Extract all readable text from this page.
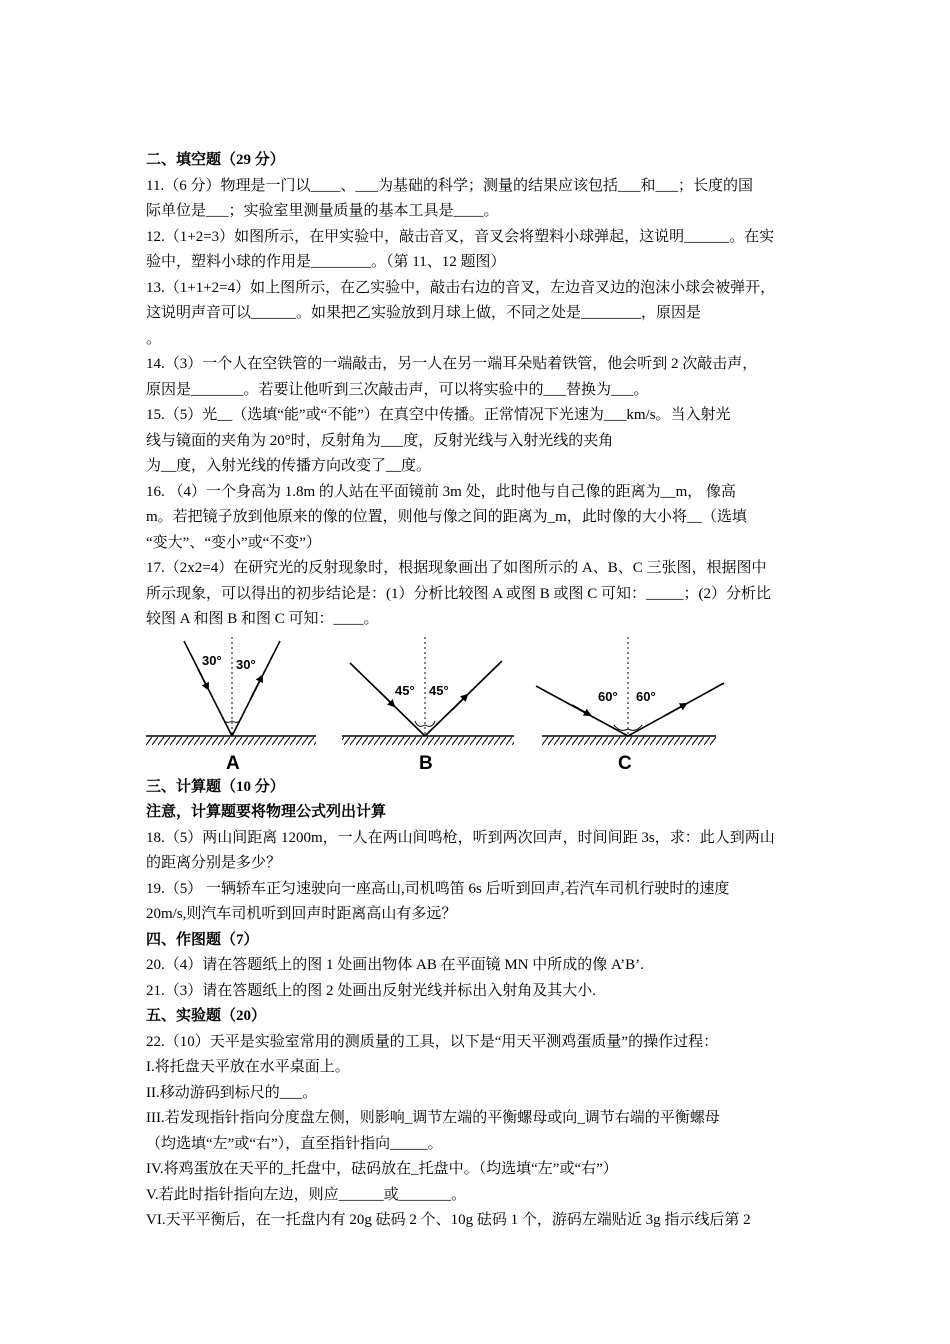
二、填空题（29 分）
11.（6 分）物理是一门以____、___为基础的科学；测量的结果应该包括___和___；长度的国
际单位是___；实验室里测量质量的基本工具是____。
12.（1+2=3）如图所示，在甲实验中，敲击音叉，音叉会将塑料小球弹起，这说明______。在实
验中，塑料小球的作用是________。（第 11、12 题图）
13.（1+1+2=4）如上图所示，在乙实验中，敲击右边的音叉，左边音叉边的泡沫小球会被弹开，
这说明声音可以______。如果把乙实验放到月球上做，不同之处是________，原因是
。
14.（3）一个人在空铁管的一端敲击，另一人在另一端耳朵贴着铁管，他会听到 2 次敲击声，
原因是_______。若要让他听到三次敲击声，可以将实验中的___替换为___。
15.（5）光__（选填“能”或“不能”）在真空中传播。正常情况下光速为___km/s。当入射光
线与镜面的夹角为 20°时，反射角为___度，反射光线与入射光线的夹角
为__度，入射光线的传播方向改变了__度。
16. （4）一个身高为 1.8m 的人站在平面镜前 3m 处，此时他与自己像的距离为__m， 像高
m。若把镜子放到他原来的像的位置，则他与像之间的距离为_m，此时像的大小将__（选填
“变大”、“变小”或“不变”）
17.（2x2=4）在研究光的反射现象时，根据现象画出了如图所示的 A、B、C 三张图，根据图中
所示现象，可以得出的初步结论是：(1）分析比较图 A 或图 B 或图 C 可知：_____；(2）分析比
较图 A 和图 B 和图 C 可知：____。
30° 30°
A
45° 45°
B
60° 60°
C
三、计算题（10 分）
注意，计算题要将物理公式列出计算
18.（5）两山间距离 1200m，一人在两山间鸣枪，听到两次回声，时间间距 3s，求：此人到两山
的距离分别是多少？
19.（5） 一辆轿车正匀速驶向一座高山,司机鸣笛 6s 后听到回声,若汽车司机行驶时的速度
20m/s,则汽车司机听到回声时距离高山有多远？
四、作图题（7）
20.（4）请在答题纸上的图 1 处画出物体 AB 在平面镜 MN 中所成的像 A’B’.
21.（3）请在答题纸上的图 2 处画出反射光线并标出入射角及其大小.
五、实验题（20）
22.（10）天平是实验室常用的测质量的工具，以下是“用天平测鸡蛋质量”的操作过程：
I.将托盘天平放在水平桌面上。
II.移动游码到标尺的___。
III.若发现指针指向分度盘左侧，则影响_调节左端的平衡螺母或向_调节右端的平衡螺母
（均选填“左”或“右”），直至指针指向_____。
IV.将鸡蛋放在天平的_托盘中，砝码放在_托盘中。（均选填“左”或“右”）
V.若此时指针指向左边，则应______或_______。
VI.天平平衡后，在一托盘内有 20g 砝码 2 个、10g 砝码 1 个，游码左端贴近 3g 指示线后第 2
